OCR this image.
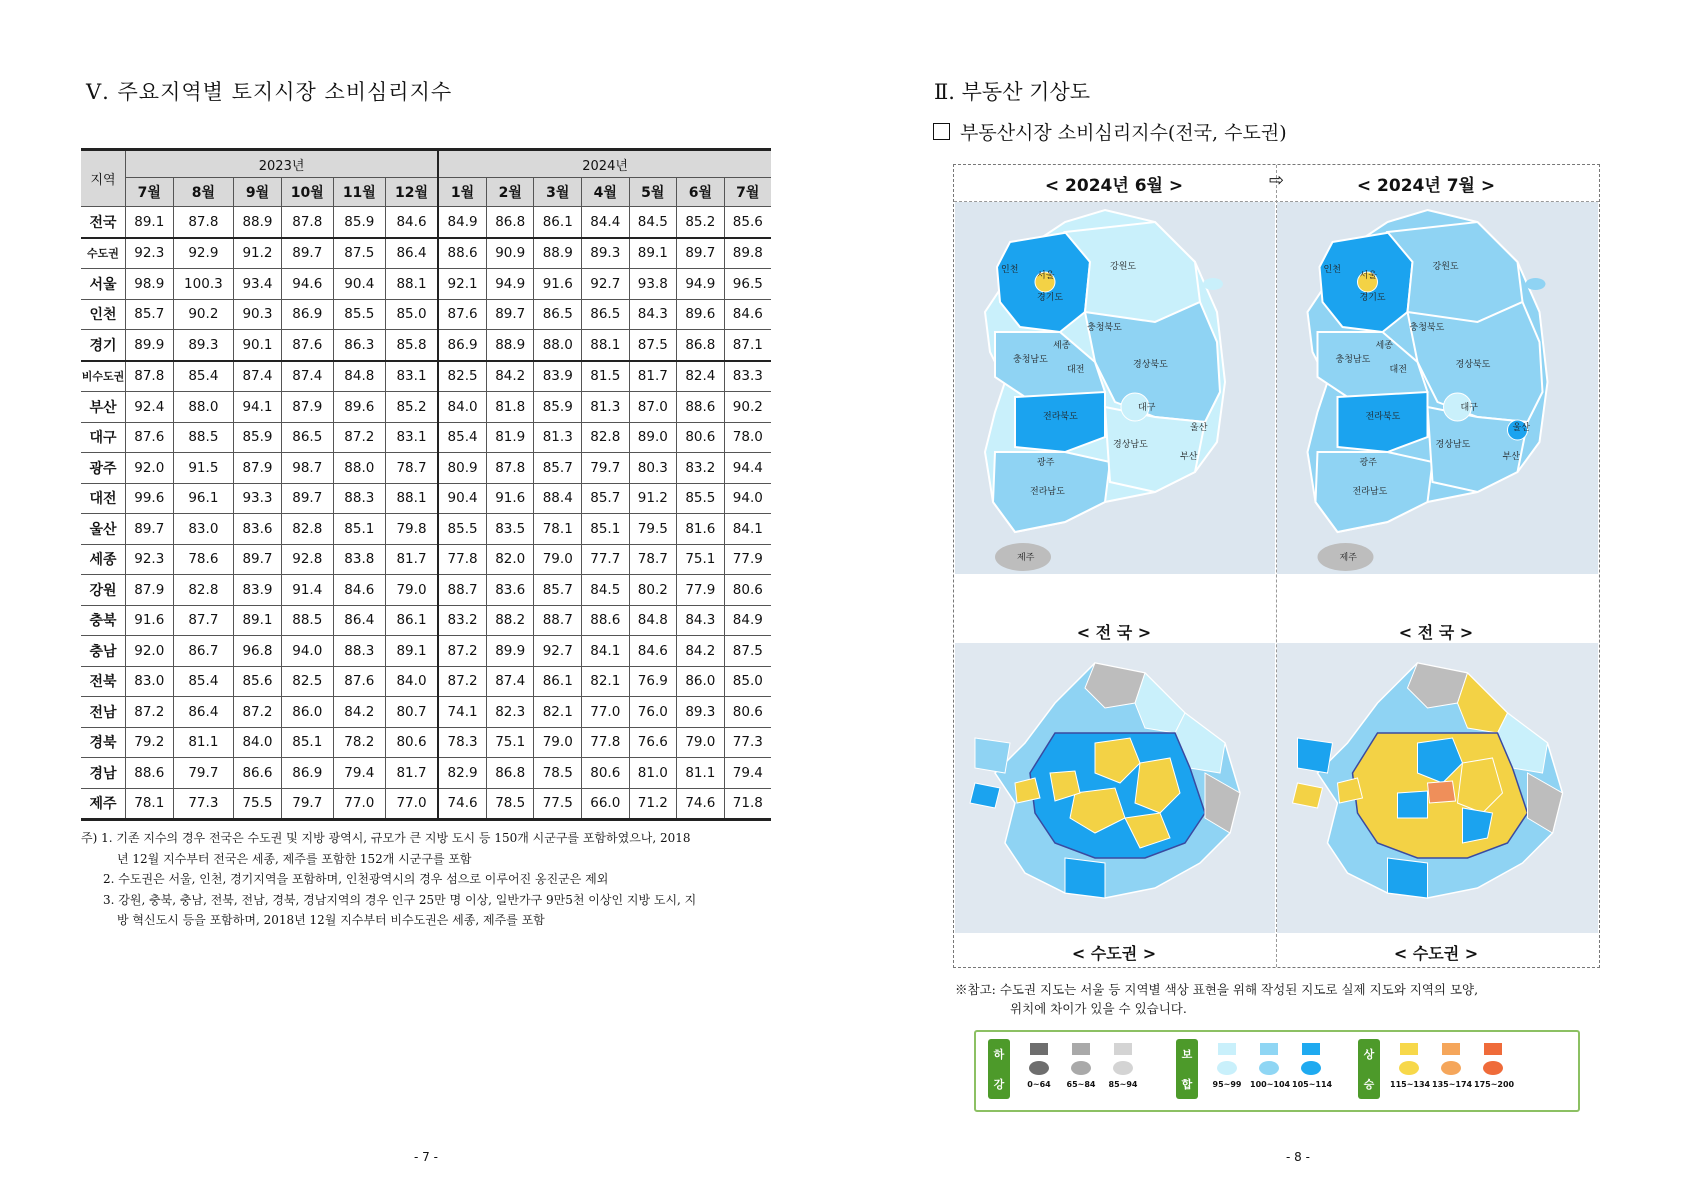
Ⅴ. 주요지역별 토지시장 소비심리지수
지역	2023년						2024년						
	7월	8월	9월	10월	11월	12월	1월	2월	3월	4월	5월	6월	7월
전국	89.1	87.8	88.9	87.8	85.9	84.6	84.9	86.8	86.1	84.4	84.5	85.2	85.6
수도권	92.3	92.9	91.2	89.7	87.5	86.4	88.6	90.9	88.9	89.3	89.1	89.7	89.8
서울	98.9	100.3	93.4	94.6	90.4	88.1	92.1	94.9	91.6	92.7	93.8	94.9	96.5
인천	85.7	90.2	90.3	86.9	85.5	85.0	87.6	89.7	86.5	86.5	84.3	89.6	84.6
경기	89.9	89.3	90.1	87.6	86.3	85.8	86.9	88.9	88.0	88.1	87.5	86.8	87.1
비수도권	87.8	85.4	87.4	87.4	84.8	83.1	82.5	84.2	83.9	81.5	81.7	82.4	83.3
부산	92.4	88.0	94.1	87.9	89.6	85.2	84.0	81.8	85.9	81.3	87.0	88.6	90.2
대구	87.6	88.5	85.9	86.5	87.2	83.1	85.4	81.9	81.3	82.8	89.0	80.6	78.0
광주	92.0	91.5	87.9	98.7	88.0	78.7	80.9	87.8	85.7	79.7	80.3	83.2	94.4
대전	99.6	96.1	93.3	89.7	88.3	88.1	90.4	91.6	88.4	85.7	91.2	85.5	94.0
울산	89.7	83.0	83.6	82.8	85.1	79.8	85.5	83.5	78.1	85.1	79.5	81.6	84.1
세종	92.3	78.6	89.7	92.8	83.8	81.7	77.8	82.0	79.0	77.7	78.7	75.1	77.9
강원	87.9	82.8	83.9	91.4	84.6	79.0	88.7	83.6	85.7	84.5	80.2	77.9	80.6
충북	91.6	87.7	89.1	88.5	86.4	86.1	83.2	88.2	88.7	88.6	84.8	84.3	84.9
충남	92.0	86.7	96.8	94.0	88.3	89.1	87.2	89.9	92.7	84.1	84.6	84.2	87.5
전북	83.0	85.4	85.6	82.5	87.6	84.0	87.2	87.4	86.1	82.1	76.9	86.0	85.0
전남	87.2	86.4	87.2	86.0	84.2	80.7	74.1	82.3	82.1	77.0	76.0	89.3	80.6
경북	79.2	81.1	84.0	85.1	78.2	80.6	78.3	75.1	79.0	77.8	76.6	79.0	77.3
경남	88.6	79.7	86.6	86.9	79.4	81.7	82.9	86.8	78.5	80.6	81.0	81.1	79.4
제주	78.1	77.3	75.5	79.7	77.0	77.0	74.6	78.5	77.5	66.0	71.2	74.6	71.8
주) 1. 기존 지수의 경우 전국은 수도권 및 지방 광역시, 규모가 큰 지방 도시 등 150개 시군구를 포함하였으나, 2018
년 12월 지수부터 전국은 세종, 제주를 포함한 152개 시군구를 포함
2. 수도권은 서울, 인천, 경기지역을 포함하며, 인천광역시의 경우 섬으로 이루어진 옹진군은 제외
3. 강원, 충북, 충남, 전북, 전남, 경북, 경남지역의 경우 인구 25만 명 이상, 일반가구 9만5천 이상인 지방 도시, 지
방 혁신도시 등을 포함하며, 2018년 12월 지수부터 비수도권은 세종, 제주를 포함
- 7 -
Ⅱ. 부동산 기상도
부동산시장 소비심리지수(전국, 수도권)
< 2024년 6월 >	⇨	< 2024년 7월 >
인천
서울
경기도
강원도
충청북도
세종
충청남도
대전	경상북도
대구
전라북도
울산
경상남도
부산
광주
전라남도
제주
인천
서울
경기도
강원도
충청북도
세종
충청남도
대전	경상북도
대구
전라북도
울산
경상남도
부산
광주
전라남도
제주
< 전 국 >	< 전 국 >
< 수도권 >	< 수도권 >
※참고: 수도권 지도는 서울 등 지역별 색상 표현을 위해 작성된 지도로 실제 지도와 지역의 모양,
위치에 차이가 있을 수 있습니다.
하
강	0~64	65~84	85~94
보
합	95~99	100~104 105~114
상
승 115~134 135~174 175~200
- 8 -
